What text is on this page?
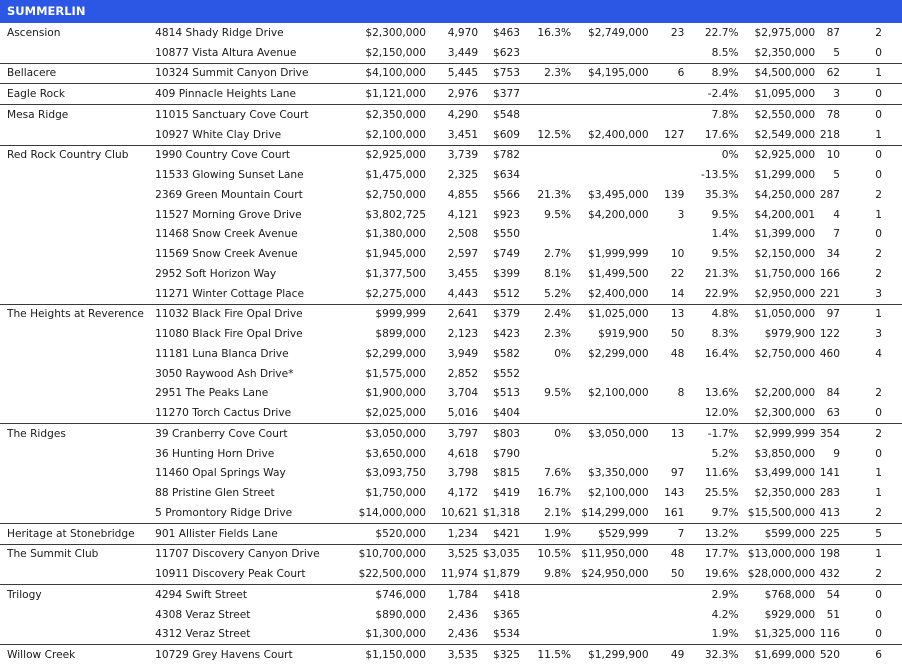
SUMMERLIN
Ascension	4814 Shady Ridge Drive	$2,300,000	4,970	$463	16.3%	$2,749,000	23	22.7%	$2,975,000	87	2
	10877 Vista Altura Avenue	$2,150,000	3,449	$623				8.5%	$2,350,000	5	0
Bellacere	10324 Summit Canyon Drive	$4,100,000	5,445	$753	2.3%	$4,195,000	6	8.9%	$4,500,000	62	1
Eagle Rock	409 Pinnacle Heights Lane	$1,121,000	2,976	$377				-2.4%	$1,095,000	3	0
Mesa Ridge	11015 Sanctuary Cove Court	$2,350,000	4,290	$548				7.8%	$2,550,000	78	0
	10927 White Clay Drive	$2,100,000	3,451	$609	12.5%	$2,400,000	127	17.6%	$2,549,000	218	1
Red Rock Country Club	1990 Country Cove Court	$2,925,000	3,739	$782				0%	$2,925,000	10	0
	11533 Glowing Sunset Lane	$1,475,000	2,325	$634				-13.5%	$1,299,000	5	0
	2369 Green Mountain Court	$2,750,000	4,855	$566	21.3%	$3,495,000	139	35.3%	$4,250,000	287	2
	11527 Morning Grove Drive	$3,802,725	4,121	$923	9.5%	$4,200,000	3	9.5%	$4,200,001	4	1
	11468 Snow Creek Avenue	$1,380,000	2,508	$550				1.4%	$1,399,000	7	0
	11569 Snow Creek Avenue	$1,945,000	2,597	$749	2.7%	$1,999,999	10	9.5%	$2,150,000	34	2
	2952 Soft Horizon Way	$1,377,500	3,455	$399	8.1%	$1,499,500	22	21.3%	$1,750,000	166	2
	11271 Winter Cottage Place	$2,275,000	4,443	$512	5.2%	$2,400,000	14	22.9%	$2,950,000	221	3
The Heights at Reverence	11032 Black Fire Opal Drive	$999,999	2,641	$379	2.4%	$1,025,000	13	4.8%	$1,050,000	97	1
	11080 Black Fire Opal Drive	$899,000	2,123	$423	2.3%	$919,900	50	8.3%	$979,900	122	3
	11181 Luna Blanca Drive	$2,299,000	3,949	$582	0%	$2,299,000	48	16.4%	$2,750,000	460	4
	3050 Raywood Ash Drive*	$1,575,000	2,852	$552							
	2951 The Peaks Lane	$1,900,000	3,704	$513	9.5%	$2,100,000	8	13.6%	$2,200,000	84	2
	11270 Torch Cactus Drive	$2,025,000	5,016	$404				12.0%	$2,300,000	63	0
The Ridges	39 Cranberry Cove Court	$3,050,000	3,797	$803	0%	$3,050,000	13	-1.7%	$2,999,999	354	2
	36 Hunting Horn Drive	$3,650,000	4,618	$790				5.2%	$3,850,000	9	0
	11460 Opal Springs Way	$3,093,750	3,798	$815	7.6%	$3,350,000	97	11.6%	$3,499,000	141	1
	88 Pristine Glen Street	$1,750,000	4,172	$419	16.7%	$2,100,000	143	25.5%	$2,350,000	283	1
	5 Promontory Ridge Drive	$14,000,000	10,621	$1,318	2.1%	$14,299,000	161	9.7%	$15,500,000	413	2
Heritage at Stonebridge	901 Allister Fields Lane	$520,000	1,234	$421	1.9%	$529,999	7	13.2%	$599,000	225	5
The Summit Club	11707 Discovery Canyon Drive	$10,700,000	3,525	$3,035	10.5%	$11,950,000	48	17.7%	$13,000,000	198	1
	10911 Discovery Peak Court	$22,500,000	11,974	$1,879	9.8%	$24,950,000	50	19.6%	$28,000,000	432	2
Trilogy	4294 Swift Street	$746,000	1,784	$418				2.9%	$768,000	54	0
	4308 Veraz Street	$890,000	2,436	$365				4.2%	$929,000	51	0
	4312 Veraz Street	$1,300,000	2,436	$534				1.9%	$1,325,000	116	0
Willow Creek	10729 Grey Havens Court	$1,150,000	3,535	$325	11.5%	$1,299,900	49	32.3%	$1,699,000	520	6
